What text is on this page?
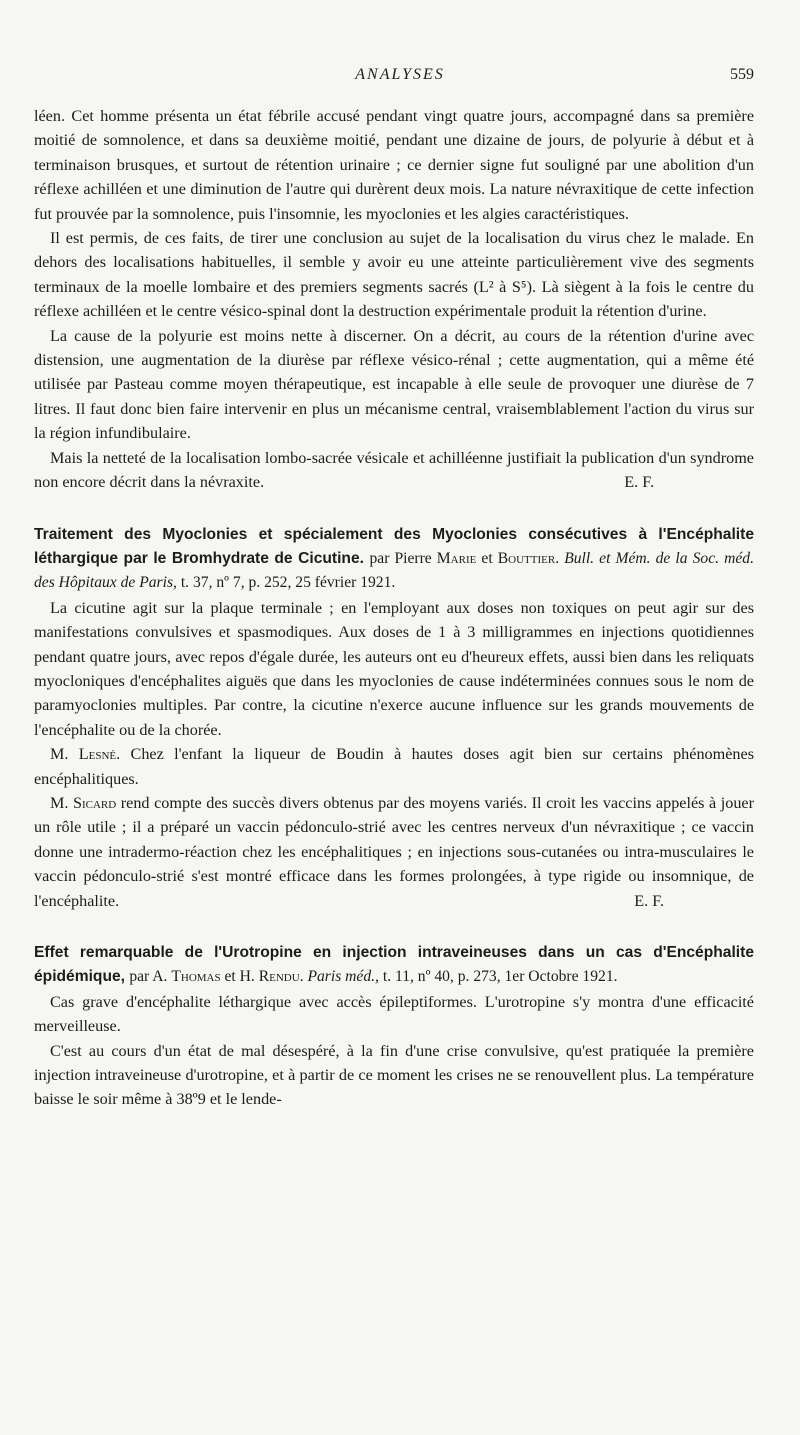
ANALYSES	559

léen. Cet homme présenta un état fébrile accusé pendant vingt quatre jours, accompagné dans sa première moitié de somnolence, et dans sa deuxième moitié, pendant une dizaine de jours, de polyurie à début et à terminaison brusques, et surtout de rétention urinaire ; ce dernier signe fut souligné par une abolition d'un réflexe achilléen et une diminution de l'autre qui durèrent deux mois. La nature névraxitique de cette infection fut prouvée par la somnolence, puis l'insomnie, les myoclonies et les algies caractéristiques.

Il est permis, de ces faits, de tirer une conclusion au sujet de la localisation du virus chez le malade. En dehors des localisations habituelles, il semble y avoir eu une atteinte particulièrement vive des segments terminaux de la moelle lombaire et des premiers segments sacrés (L² à S⁵). Là siègent à la fois le centre du réflexe achilléen et le centre vésico-spinal dont la destruction expérimentale produit la rétention d'urine.

La cause de la polyurie est moins nette à discerner. On a décrit, au cours de la rétention d'urine avec distension, une augmentation de la diurèse par réflexe vésico-rénal ; cette augmentation, qui a même été utilisée par Pasteau comme moyen thérapeutique, est incapable à elle seule de provoquer une diurèse de 7 litres. Il faut donc bien faire intervenir en plus un mécanisme central, vraisemblablement l'action du virus sur la région infundibulaire.

Mais la netteté de la localisation lombo-sacrée vésicale et achilléenne justifiait la publication d'un syndrome non encore décrit dans la névraxite.	E. F.

Traitement des Myoclonies et spécialement des Myoclonies consécutives à l'Encéphalite léthargique par le Bromhydrate de Cicutine. par Pierre Marie et Bouttier. Bull. et Mém. de la Soc. méd. des Hôpitaux de Paris, t. 37, nº 7, p. 252, 25 février 1921.

La cicutine agit sur la plaque terminale ; en l'employant aux doses non toxiques on peut agir sur des manifestations convulsives et spasmodiques. Aux doses de 1 à 3 milligrammes en injections quotidiennes pendant quatre jours, avec repos d'égale durée, les auteurs ont eu d'heureux effets, aussi bien dans les reliquats myocloniques d'encéphalites aiguës que dans les myoclonies de cause indéterminées connues sous le nom de paramyoclonies multiples. Par contre, la cicutine n'exerce aucune influence sur les grands mouvements de l'encéphalite ou de la chorée.

M. Lesné. Chez l'enfant la liqueur de Boudin à hautes doses agit bien sur certains phénomènes encéphalitiques.

M. Sicard rend compte des succès divers obtenus par des moyens variés. Il croit les vaccins appelés à jouer un rôle utile ; il a préparé un vaccin pédonculo-strié avec les centres nerveux d'un névraxitique ; ce vaccin donne une intradermo-réaction chez les encéphalitiques ; en injections sous-cutanées ou intra-musculaires le vaccin pédonculo-strié s'est montré efficace dans les formes prolongées, à type rigide ou insomnique, de l'encéphalite.	E. F.

Effet remarquable de l'Urotropine en injection intraveineuses dans un cas d'Encéphalite épidémique, par A. Thomas et H. Rendu. Paris méd., t. 11, nº 40, p. 273, 1er Octobre 1921.

Cas grave d'encéphalite léthargique avec accès épileptiformes. L'urotropine s'y montra d'une efficacité merveilleuse.

C'est au cours d'un état de mal désespéré, à la fin d'une crise convulsive, qu'est pratiquée la première injection intraveineuse d'urotropine, et à partir de ce moment les crises ne se renouvellent plus. La température baisse le soir même à 38º9 et le lende-
